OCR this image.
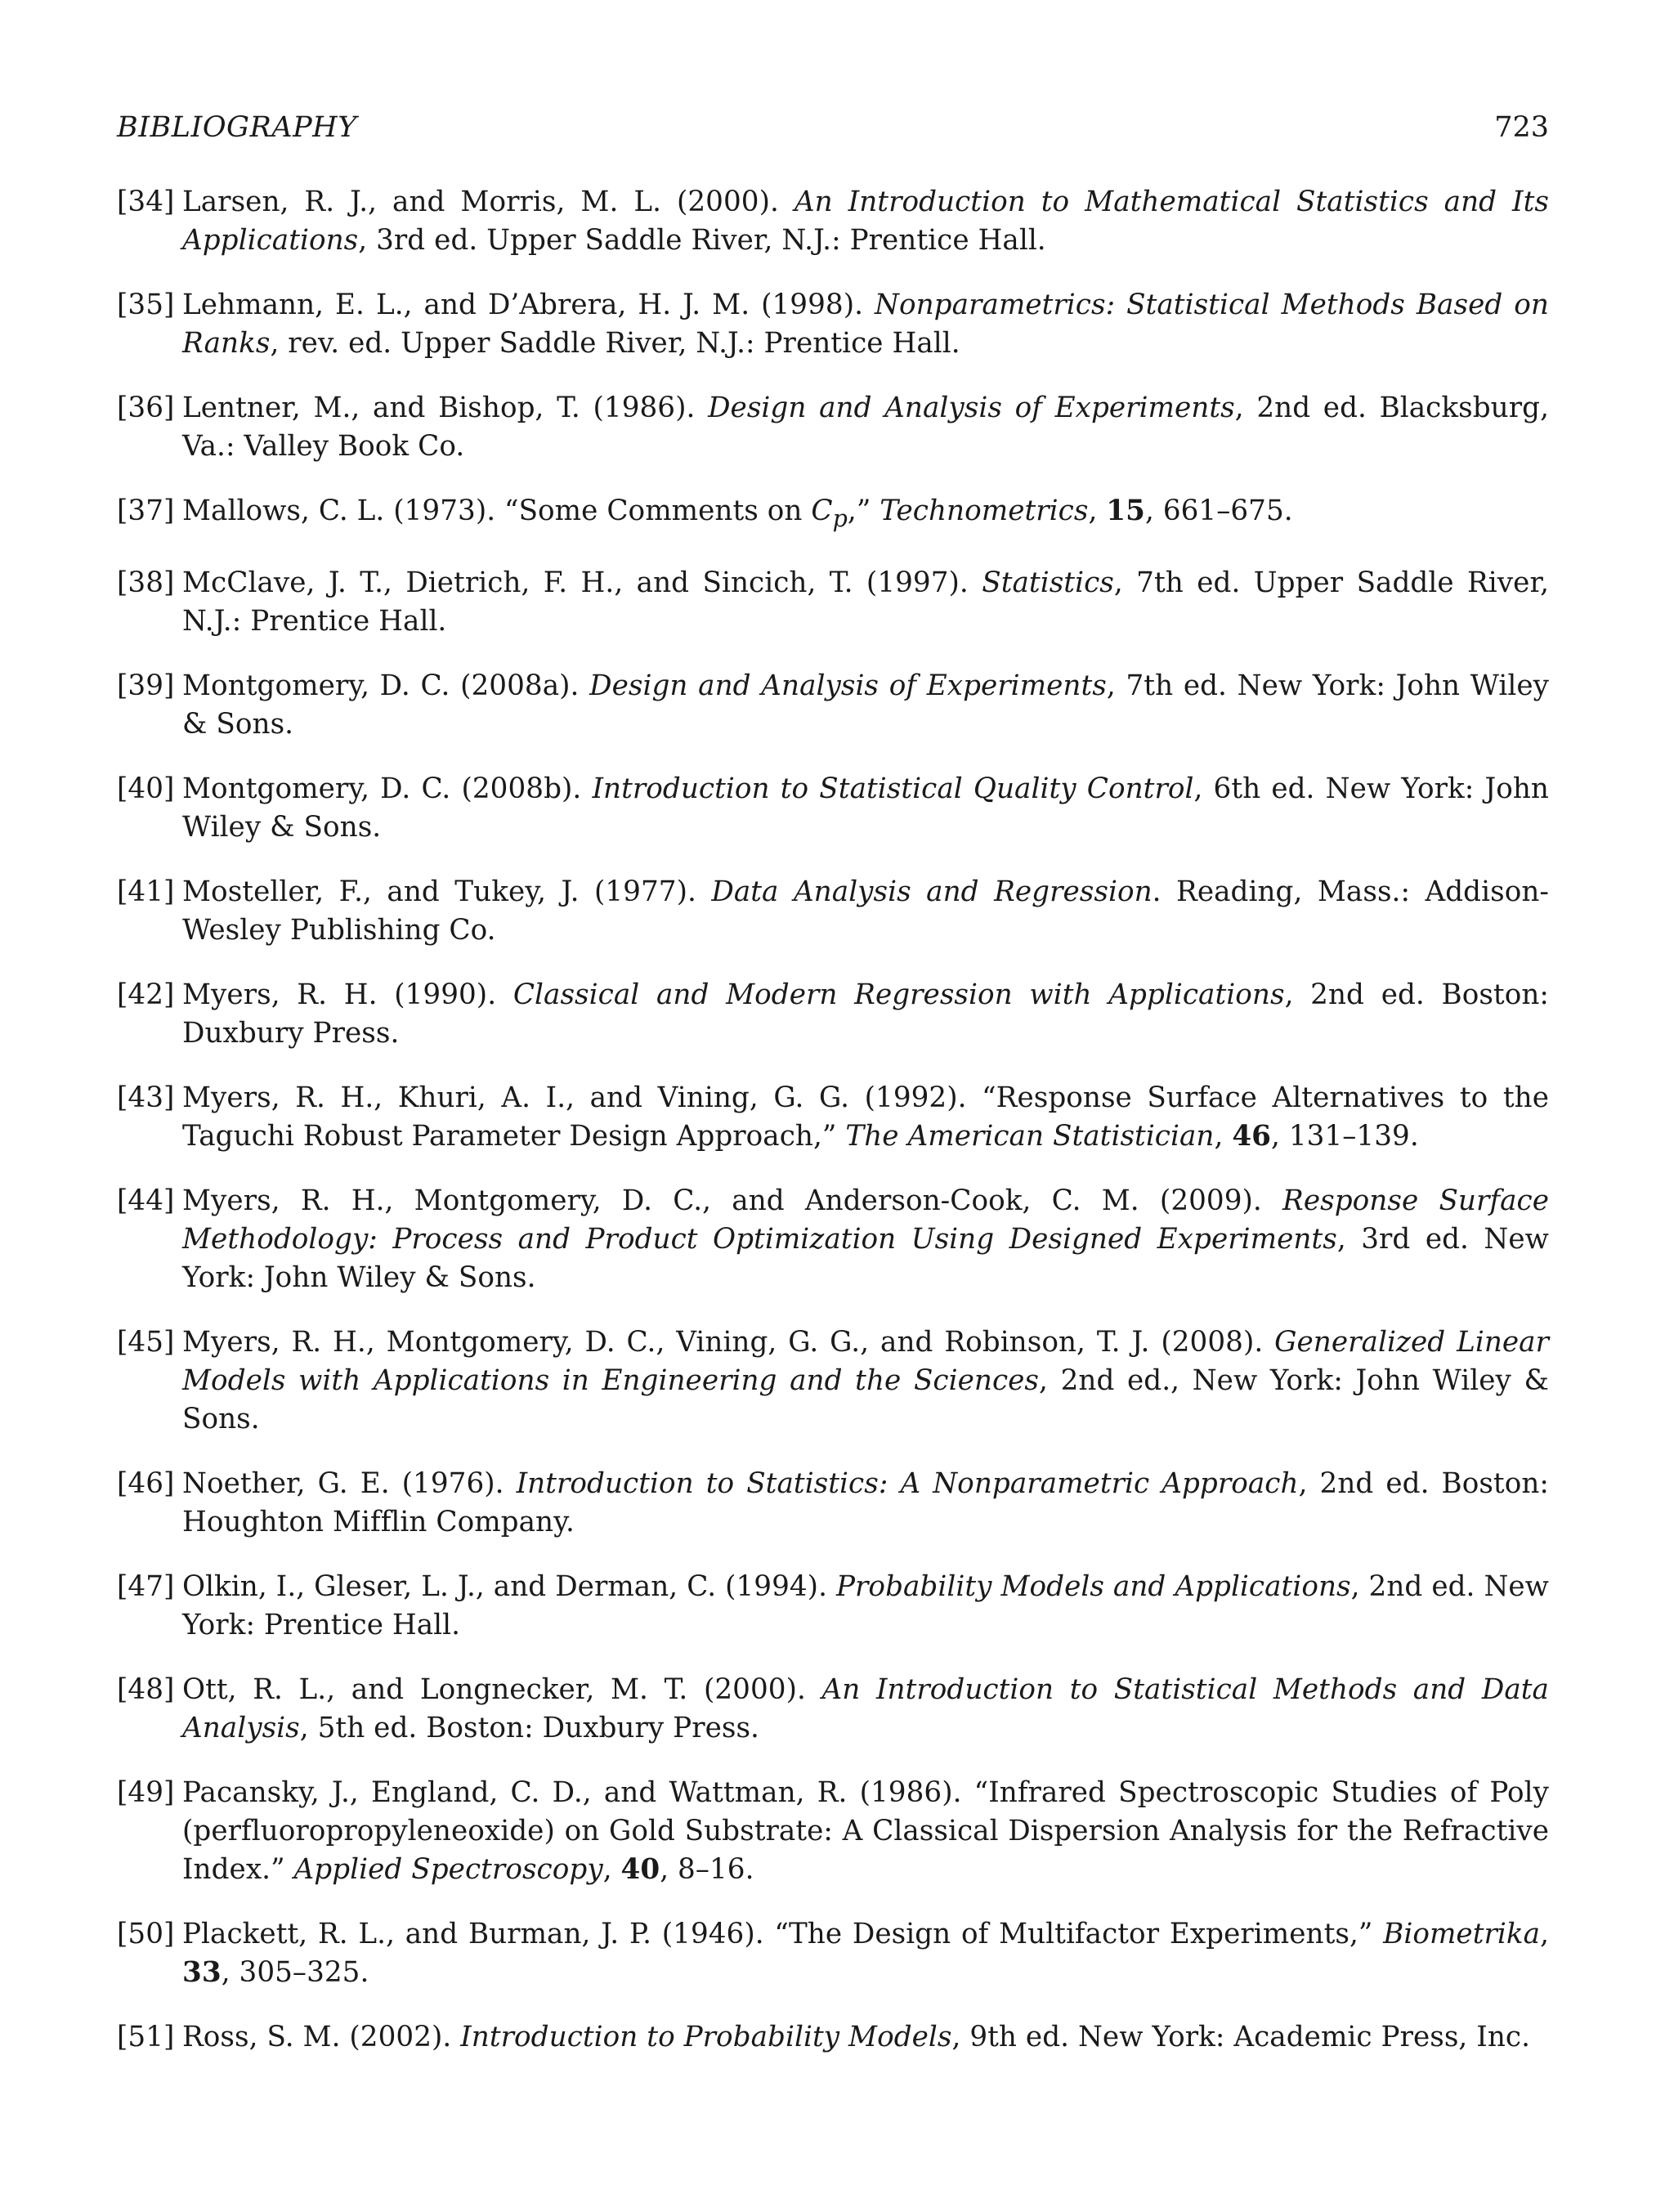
BIBLIOGRAPHY	723
[34] Larsen, R. J., and Morris, M. L. (2000). An Introduction to Mathematical Statistics and Its Applications, 3rd ed. Upper Saddle River, N.J.: Prentice Hall.
[35] Lehmann, E. L., and D’Abrera, H. J. M. (1998). Nonparametrics: Statistical Methods Based on Ranks, rev. ed. Upper Saddle River, N.J.: Prentice Hall.
[36] Lentner, M., and Bishop, T. (1986). Design and Analysis of Experiments, 2nd ed. Blacksburg, Va.: Valley Book Co.
[37] Mallows, C. L. (1973). “Some Comments on $C_p$,” Technometrics, 15, 661–675.
[38] McClave, J. T., Dietrich, F. H., and Sincich, T. (1997). Statistics, 7th ed. Upper Saddle River, N.J.: Prentice Hall.
[39] Montgomery, D. C. (2008a). Design and Analysis of Experiments, 7th ed. New York: John Wiley & Sons.
[40] Montgomery, D. C. (2008b). Introduction to Statistical Quality Control, 6th ed. New York: John Wiley & Sons.
[41] Mosteller, F., and Tukey, J. (1977). Data Analysis and Regression. Reading, Mass.: Addison-Wesley Publishing Co.
[42] Myers, R. H. (1990). Classical and Modern Regression with Applications, 2nd ed. Boston: Duxbury Press.
[43] Myers, R. H., Khuri, A. I., and Vining, G. G. (1992). “Response Surface Alternatives to the Taguchi Robust Parameter Design Approach,” The American Statistician, 46, 131–139.
[44] Myers, R. H., Montgomery, D. C., and Anderson-Cook, C. M. (2009). Response Surface Methodology: Process and Product Optimization Using Designed Experiments, 3rd ed. New York: John Wiley & Sons.
[45] Myers, R. H., Montgomery, D. C., Vining, G. G., and Robinson, T. J. (2008). Generalized Linear Models with Applications in Engineering and the Sciences, 2nd ed., New York: John Wiley & Sons.
[46] Noether, G. E. (1976). Introduction to Statistics: A Nonparametric Approach, 2nd ed. Boston: Houghton Mifflin Company.
[47] Olkin, I., Gleser, L. J., and Derman, C. (1994). Probability Models and Applications, 2nd ed. New York: Prentice Hall.
[48] Ott, R. L., and Longnecker, M. T. (2000). An Introduction to Statistical Methods and Data Analysis, 5th ed. Boston: Duxbury Press.
[49] Pacansky, J., England, C. D., and Wattman, R. (1986). “Infrared Spectroscopic Studies of Poly (perfluoropropyleneoxide) on Gold Substrate: A Classical Dispersion Analysis for the Refractive Index.” Applied Spectroscopy, 40, 8–16.
[50] Plackett, R. L., and Burman, J. P. (1946). “The Design of Multifactor Experiments,” Biometrika, 33, 305–325.
[51] Ross, S. M. (2002). Introduction to Probability Models, 9th ed. New York: Academic Press, Inc.
